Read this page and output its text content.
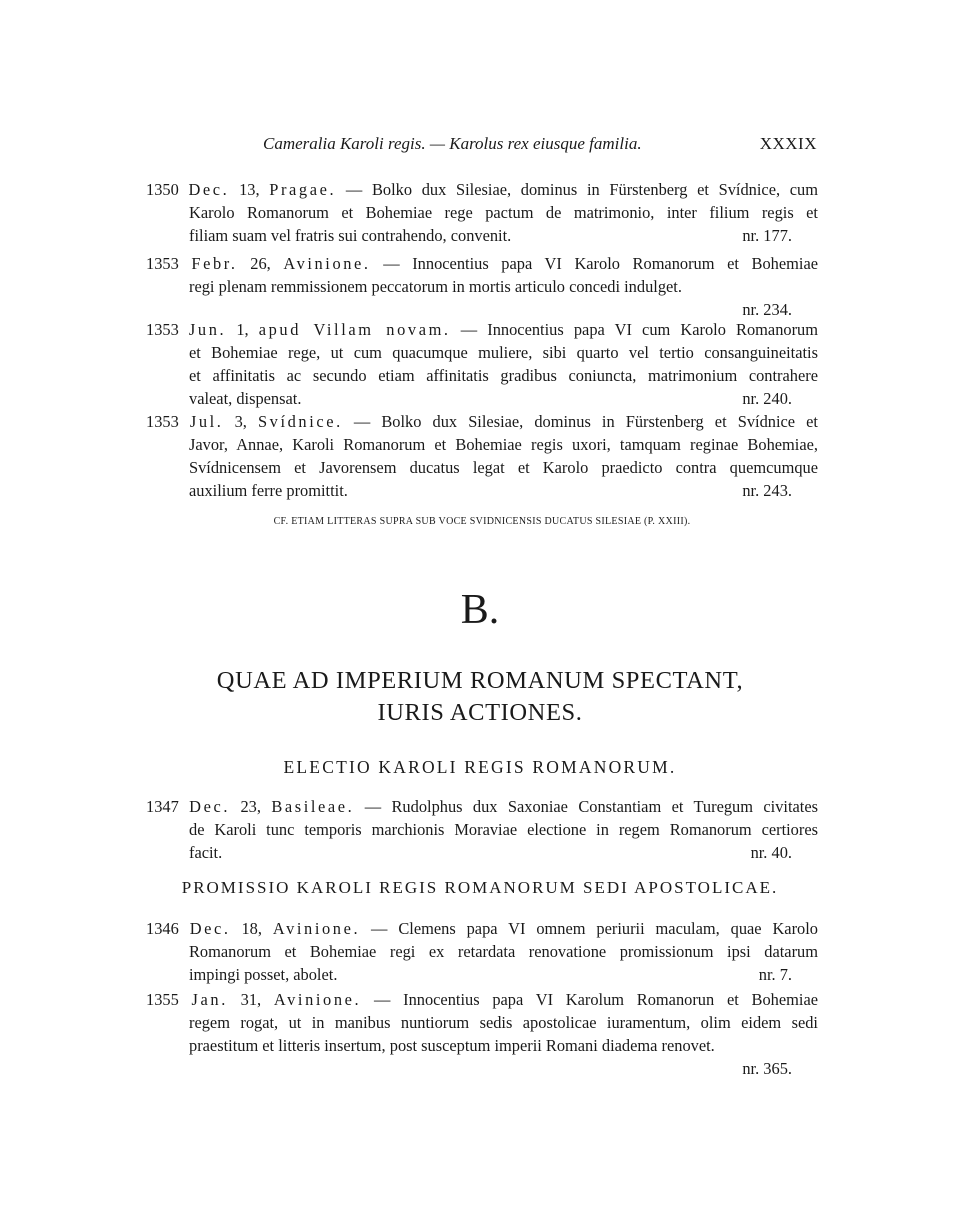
Cameralia Karoli regis. — Karolus rex eiusque familia.	XXXIX
1350 Dec. 13, Pragae. — Bolko dux Silesiae, dominus in Fürstenberg et Svídnice, cum
Karolo Romanorum et Bohemiae rege pactum de matrimonio, inter filium regis et
filiam suam vel fratris sui contrahendo, convenit.	nr. 177.
1353 Febr. 26, Avinione. — Innocentius papa VI Karolo Romanorum et Bohemiae
regi plenam remmissionem peccatorum in mortis articulo concedi indulget.
nr. 234.
1353 Jun. 1, apud Villam novam. — Innocentius papa VI cum Karolo Romanorum
et Bohemiae rege, ut cum quacumque muliere, sibi quarto vel tertio consanguineitatis
et affinitatis ac secundo etiam affinitatis gradibus coniuncta, matrimonium contrahere
valeat, dispensat.	nr. 240.
1353 Jul. 3, Svídnice. — Bolko dux Silesiae, dominus in Fürstenberg et Svídnice et
Javor, Annae, Karoli Romanorum et Bohemiae regis uxori, tamquam reginae Bohemiae,
Svídnicensem et Javorensem ducatus legat et Karolo praedicto contra quemcumque
auxilium ferre promittit.	nr. 243.
CF. ETIAM LITTERAS SUPRA SUB VOCE SVIDNICENSIS DUCATUS SILESIAE (P. XXIII).
B.
QUAE AD IMPERIUM ROMANUM SPECTANT,
IURIS ACTIONES.
ELECTIO KAROLI REGIS ROMANORUM.
1347 Dec. 23, Basileae. — Rudolphus dux Saxoniae Constantiam et Turegum civitates
de Karoli tunc temporis marchionis Moraviae electione in regem Romanorum certiores
facit.	nr. 40.
PROMISSIO KAROLI REGIS ROMANORUM SEDI APOSTOLICAE.
1346 Dec. 18, Avinione. — Clemens papa VI omnem periurii maculam, quae Karolo
Romanorum et Bohemiae regi ex retardata renovatione promissionum ipsi datarum
impingi posset, abolet.	nr. 7.
1355 Jan. 31, Avinione. — Innocentius papa VI Karolum Romanorun et Bohemiae
regem rogat, ut in manibus nuntiorum sedis apostolicae iuramentum, olim eidem sedi
praestitum et litteris insertum, post susceptum imperii Romani diadema renovet.
nr. 365.
